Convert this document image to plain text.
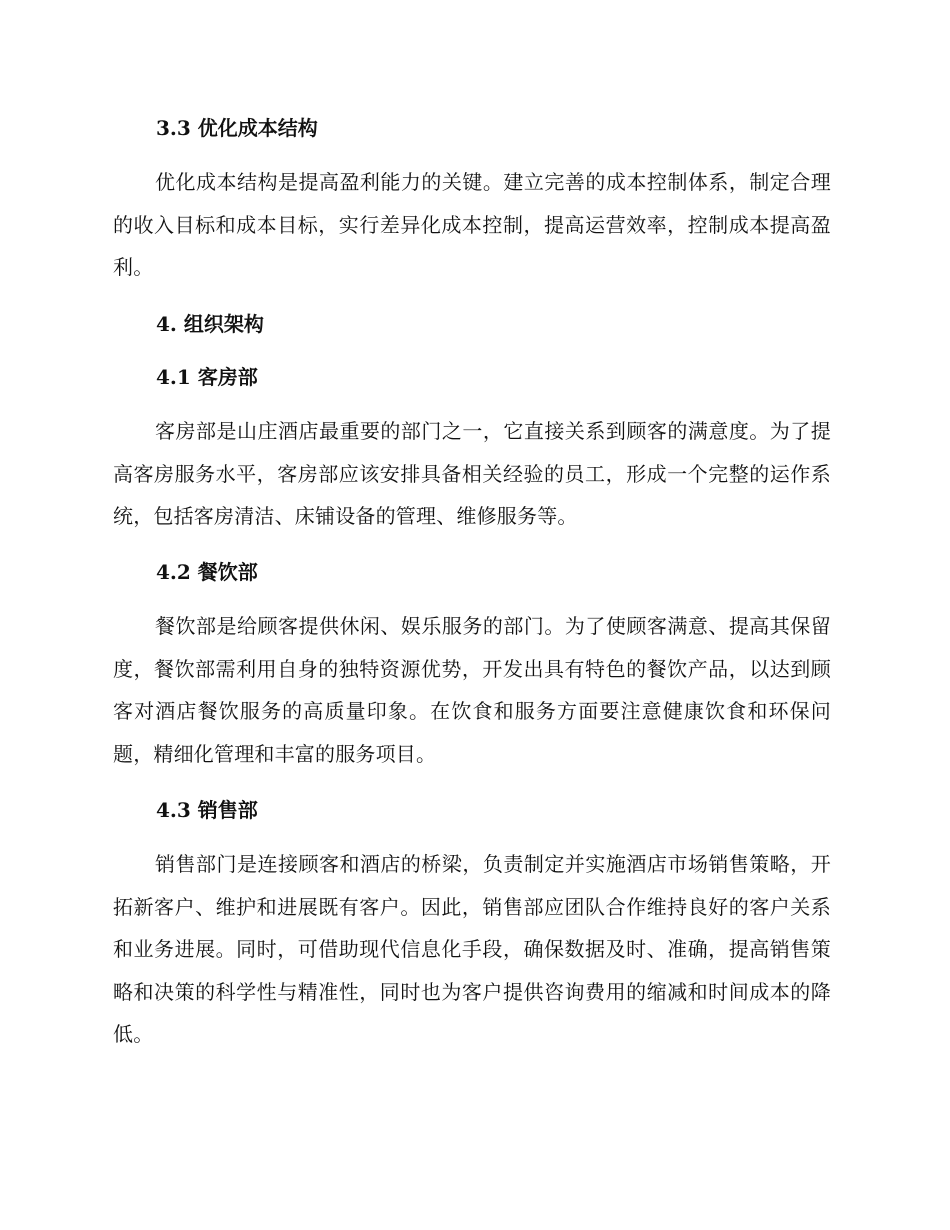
3.3 优化成本结构
优化成本结构是提高盈利能力的关键。建立完善的成本控制体系，制定合理的收入目标和成本目标，实行差异化成本控制，提高运营效率，控制成本提高盈利。
4. 组织架构
4.1 客房部
客房部是山庄酒店最重要的部门之一，它直接关系到顾客的满意度。为了提高客房服务水平，客房部应该安排具备相关经验的员工，形成一个完整的运作系统，包括客房清洁、床铺设备的管理、维修服务等。
4.2 餐饮部
餐饮部是给顾客提供休闲、娱乐服务的部门。为了使顾客满意、提高其保留度，餐饮部需利用自身的独特资源优势，开发出具有特色的餐饮产品，以达到顾客对酒店餐饮服务的高质量印象。在饮食和服务方面要注意健康饮食和环保问题，精细化管理和丰富的服务项目。
4.3 销售部
销售部门是连接顾客和酒店的桥梁，负责制定并实施酒店市场销售策略，开拓新客户、维护和进展既有客户。因此，销售部应团队合作维持良好的客户关系和业务进展。同时，可借助现代信息化手段，确保数据及时、准确，提高销售策略和决策的科学性与精准性，同时也为客户提供咨询费用的缩减和时间成本的降低。
